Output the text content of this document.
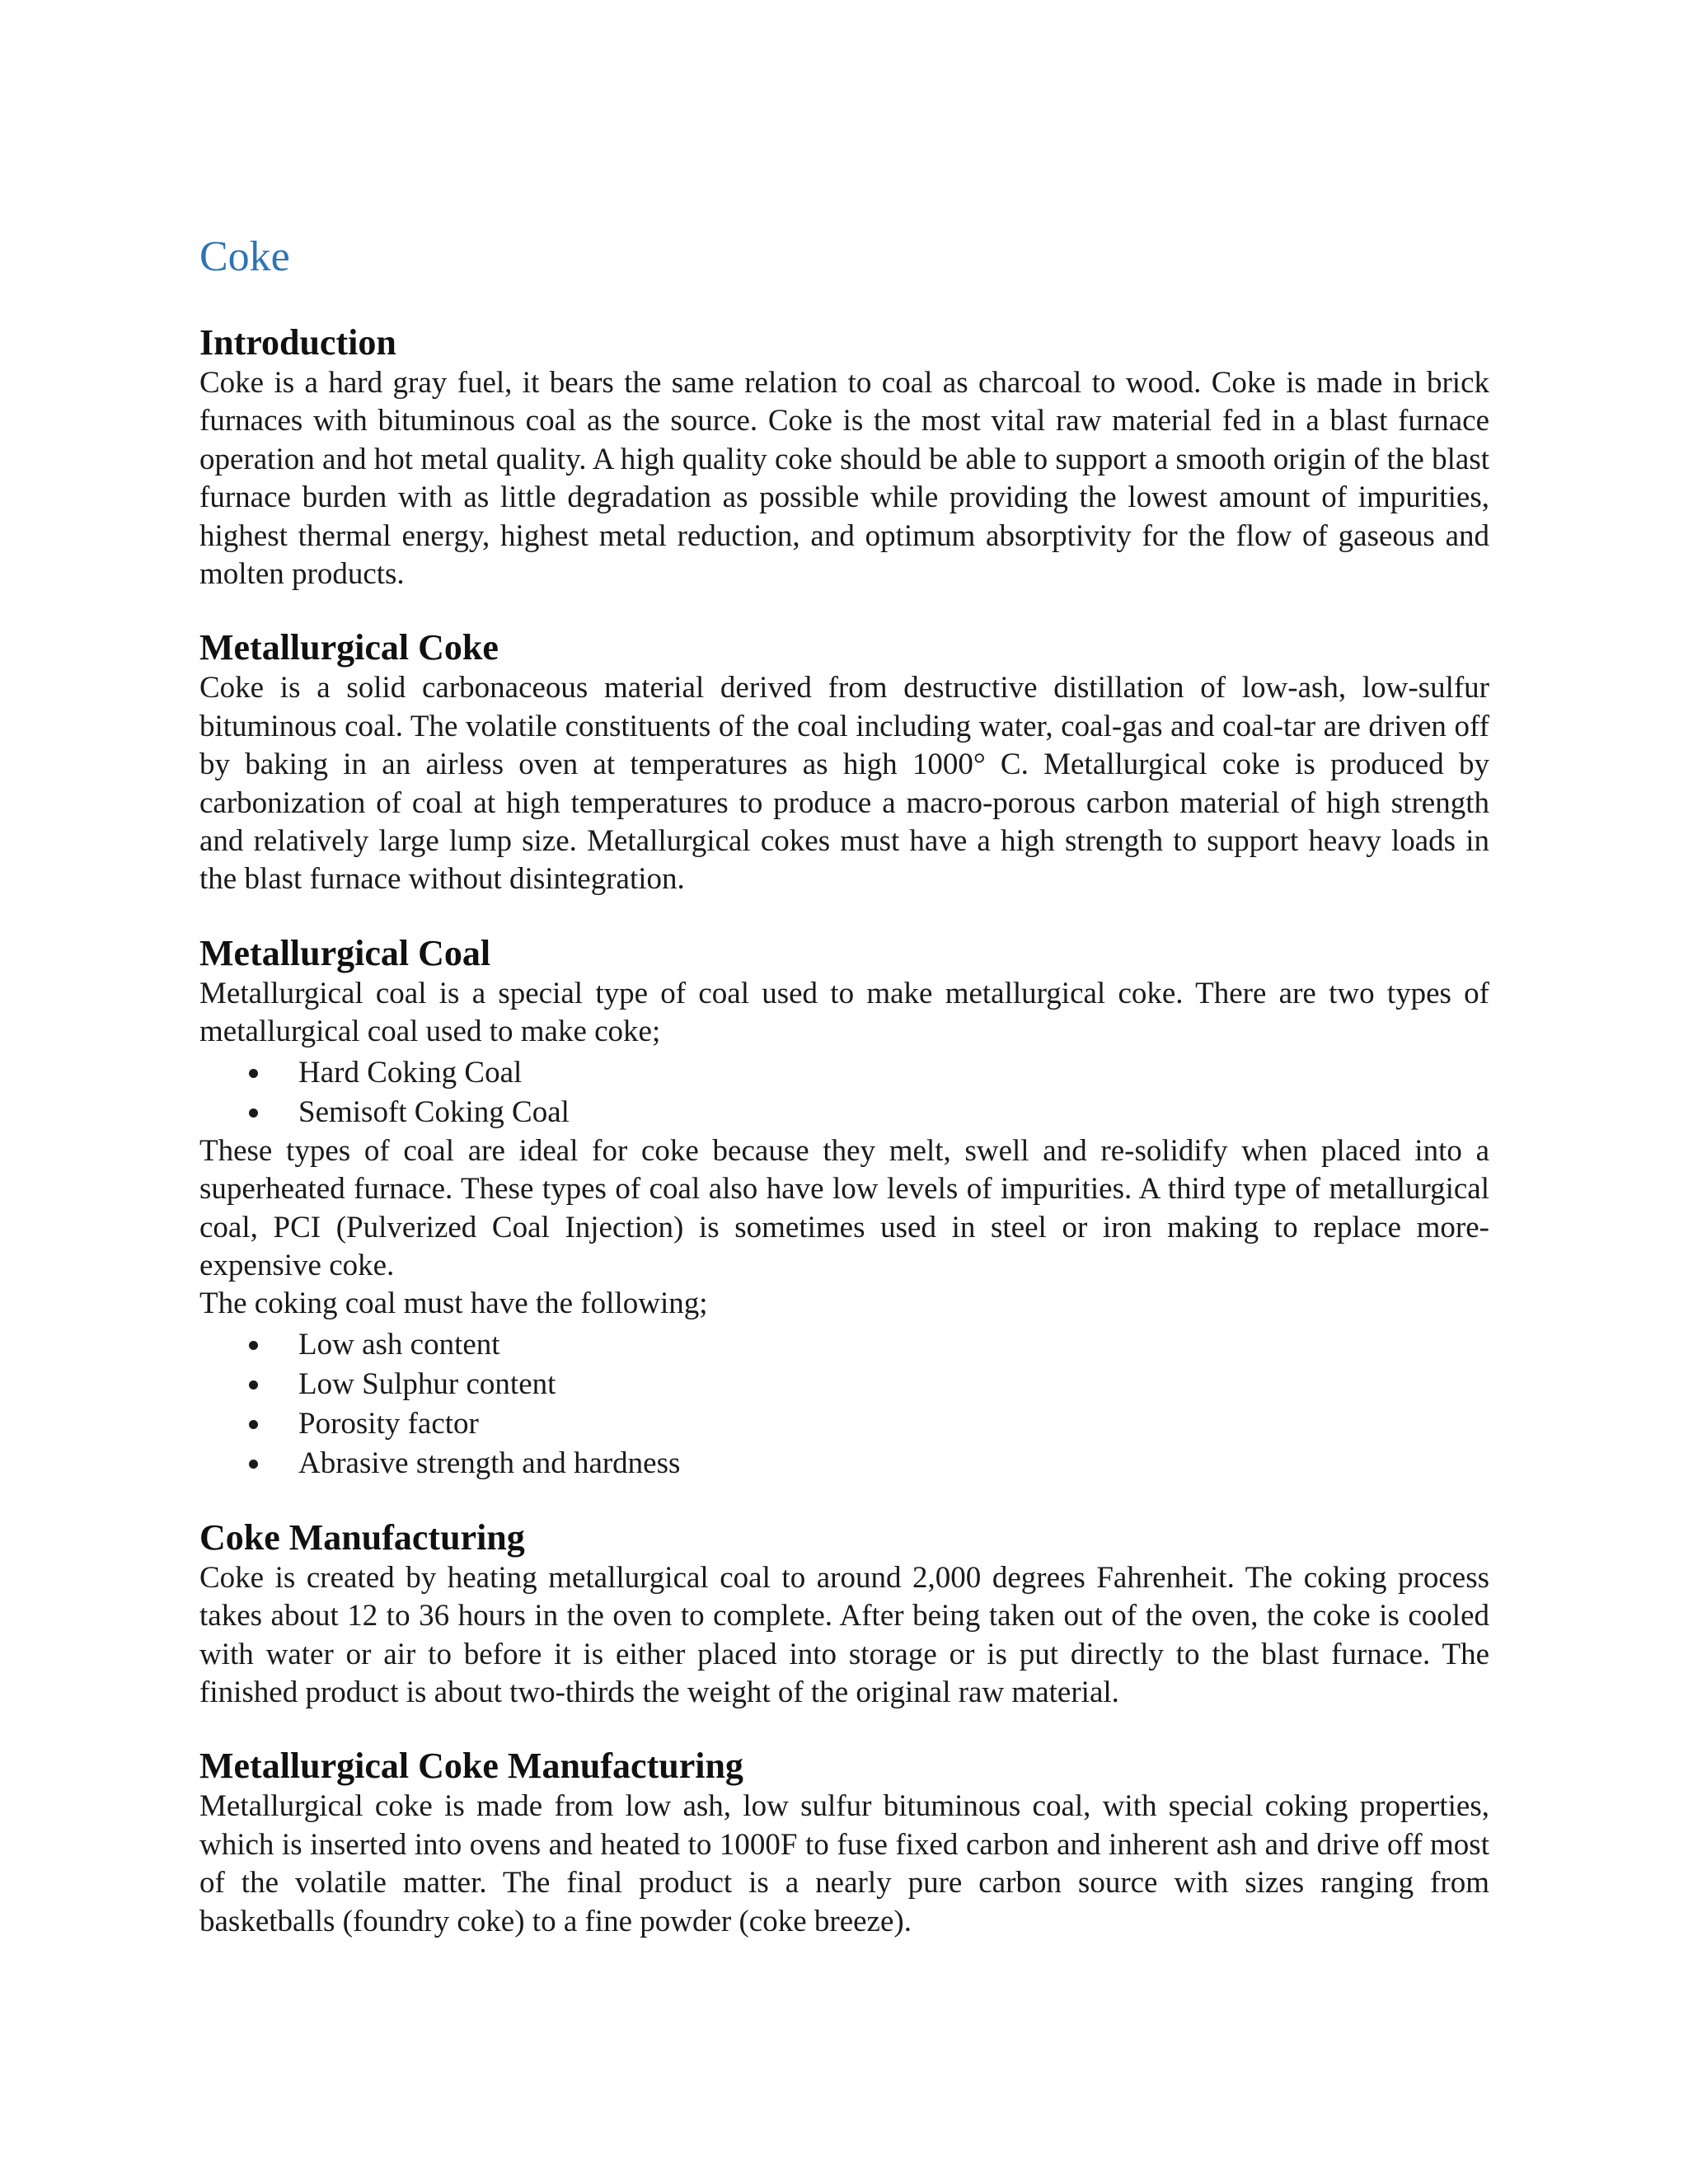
Coke
Introduction

Coke is a hard gray fuel, it bears the same relation to coal as charcoal to wood. Coke is made in brick furnaces with bituminous coal as the source. Coke is the most vital raw material fed in a blast furnace operation and hot metal quality. A high quality coke should be able to support a smooth origin of the blast furnace burden with as little degradation as possible while providing the lowest amount of impurities, highest thermal energy, highest metal reduction, and optimum absorptivity for the flow of gaseous and molten products.

Metallurgical Coke

Coke is a solid carbonaceous material derived from destructive distillation of low-ash, low-sulfur bituminous coal. The volatile constituents of the coal including water, coal-gas and coal-tar are driven off by baking in an airless oven at temperatures as high 1000° C. Metallurgical coke is produced by carbonization of coal at high temperatures to produce a macro-porous carbon material of high strength and relatively large lump size. Metallurgical cokes must have a high strength to support heavy loads in the blast furnace without disintegration.

Metallurgical Coal

Metallurgical coal is a special type of coal used to make metallurgical coke. There are two types of metallurgical coal used to make coke;

Hard Coking Coal
Semisoft Coking Coal

These types of coal are ideal for coke because they melt, swell and re-solidify when placed into a superheated furnace. These types of coal also have low levels of impurities. A third type of metallurgical coal, PCI (Pulverized Coal Injection) is sometimes used in steel or iron making to replace more-expensive coke.

The coking coal must have the following;

Low ash content
Low Sulphur content
Porosity factor
Abrasive strength and hardness
Coke Manufacturing

Coke is created by heating metallurgical coal to around 2,000 degrees Fahrenheit. The coking process takes about 12 to 36 hours in the oven to complete. After being taken out of the oven, the coke is cooled with water or air to before it is either placed into storage or is put directly to the blast furnace. The finished product is about two-thirds the weight of the original raw material.

Metallurgical Coke Manufacturing

Metallurgical coke is made from low ash, low sulfur bituminous coal, with special coking properties, which is inserted into ovens and heated to 1000F to fuse fixed carbon and inherent ash and drive off most of the volatile matter. The final product is a nearly pure carbon source with sizes ranging from basketballs (foundry coke) to a fine powder (coke breeze).
